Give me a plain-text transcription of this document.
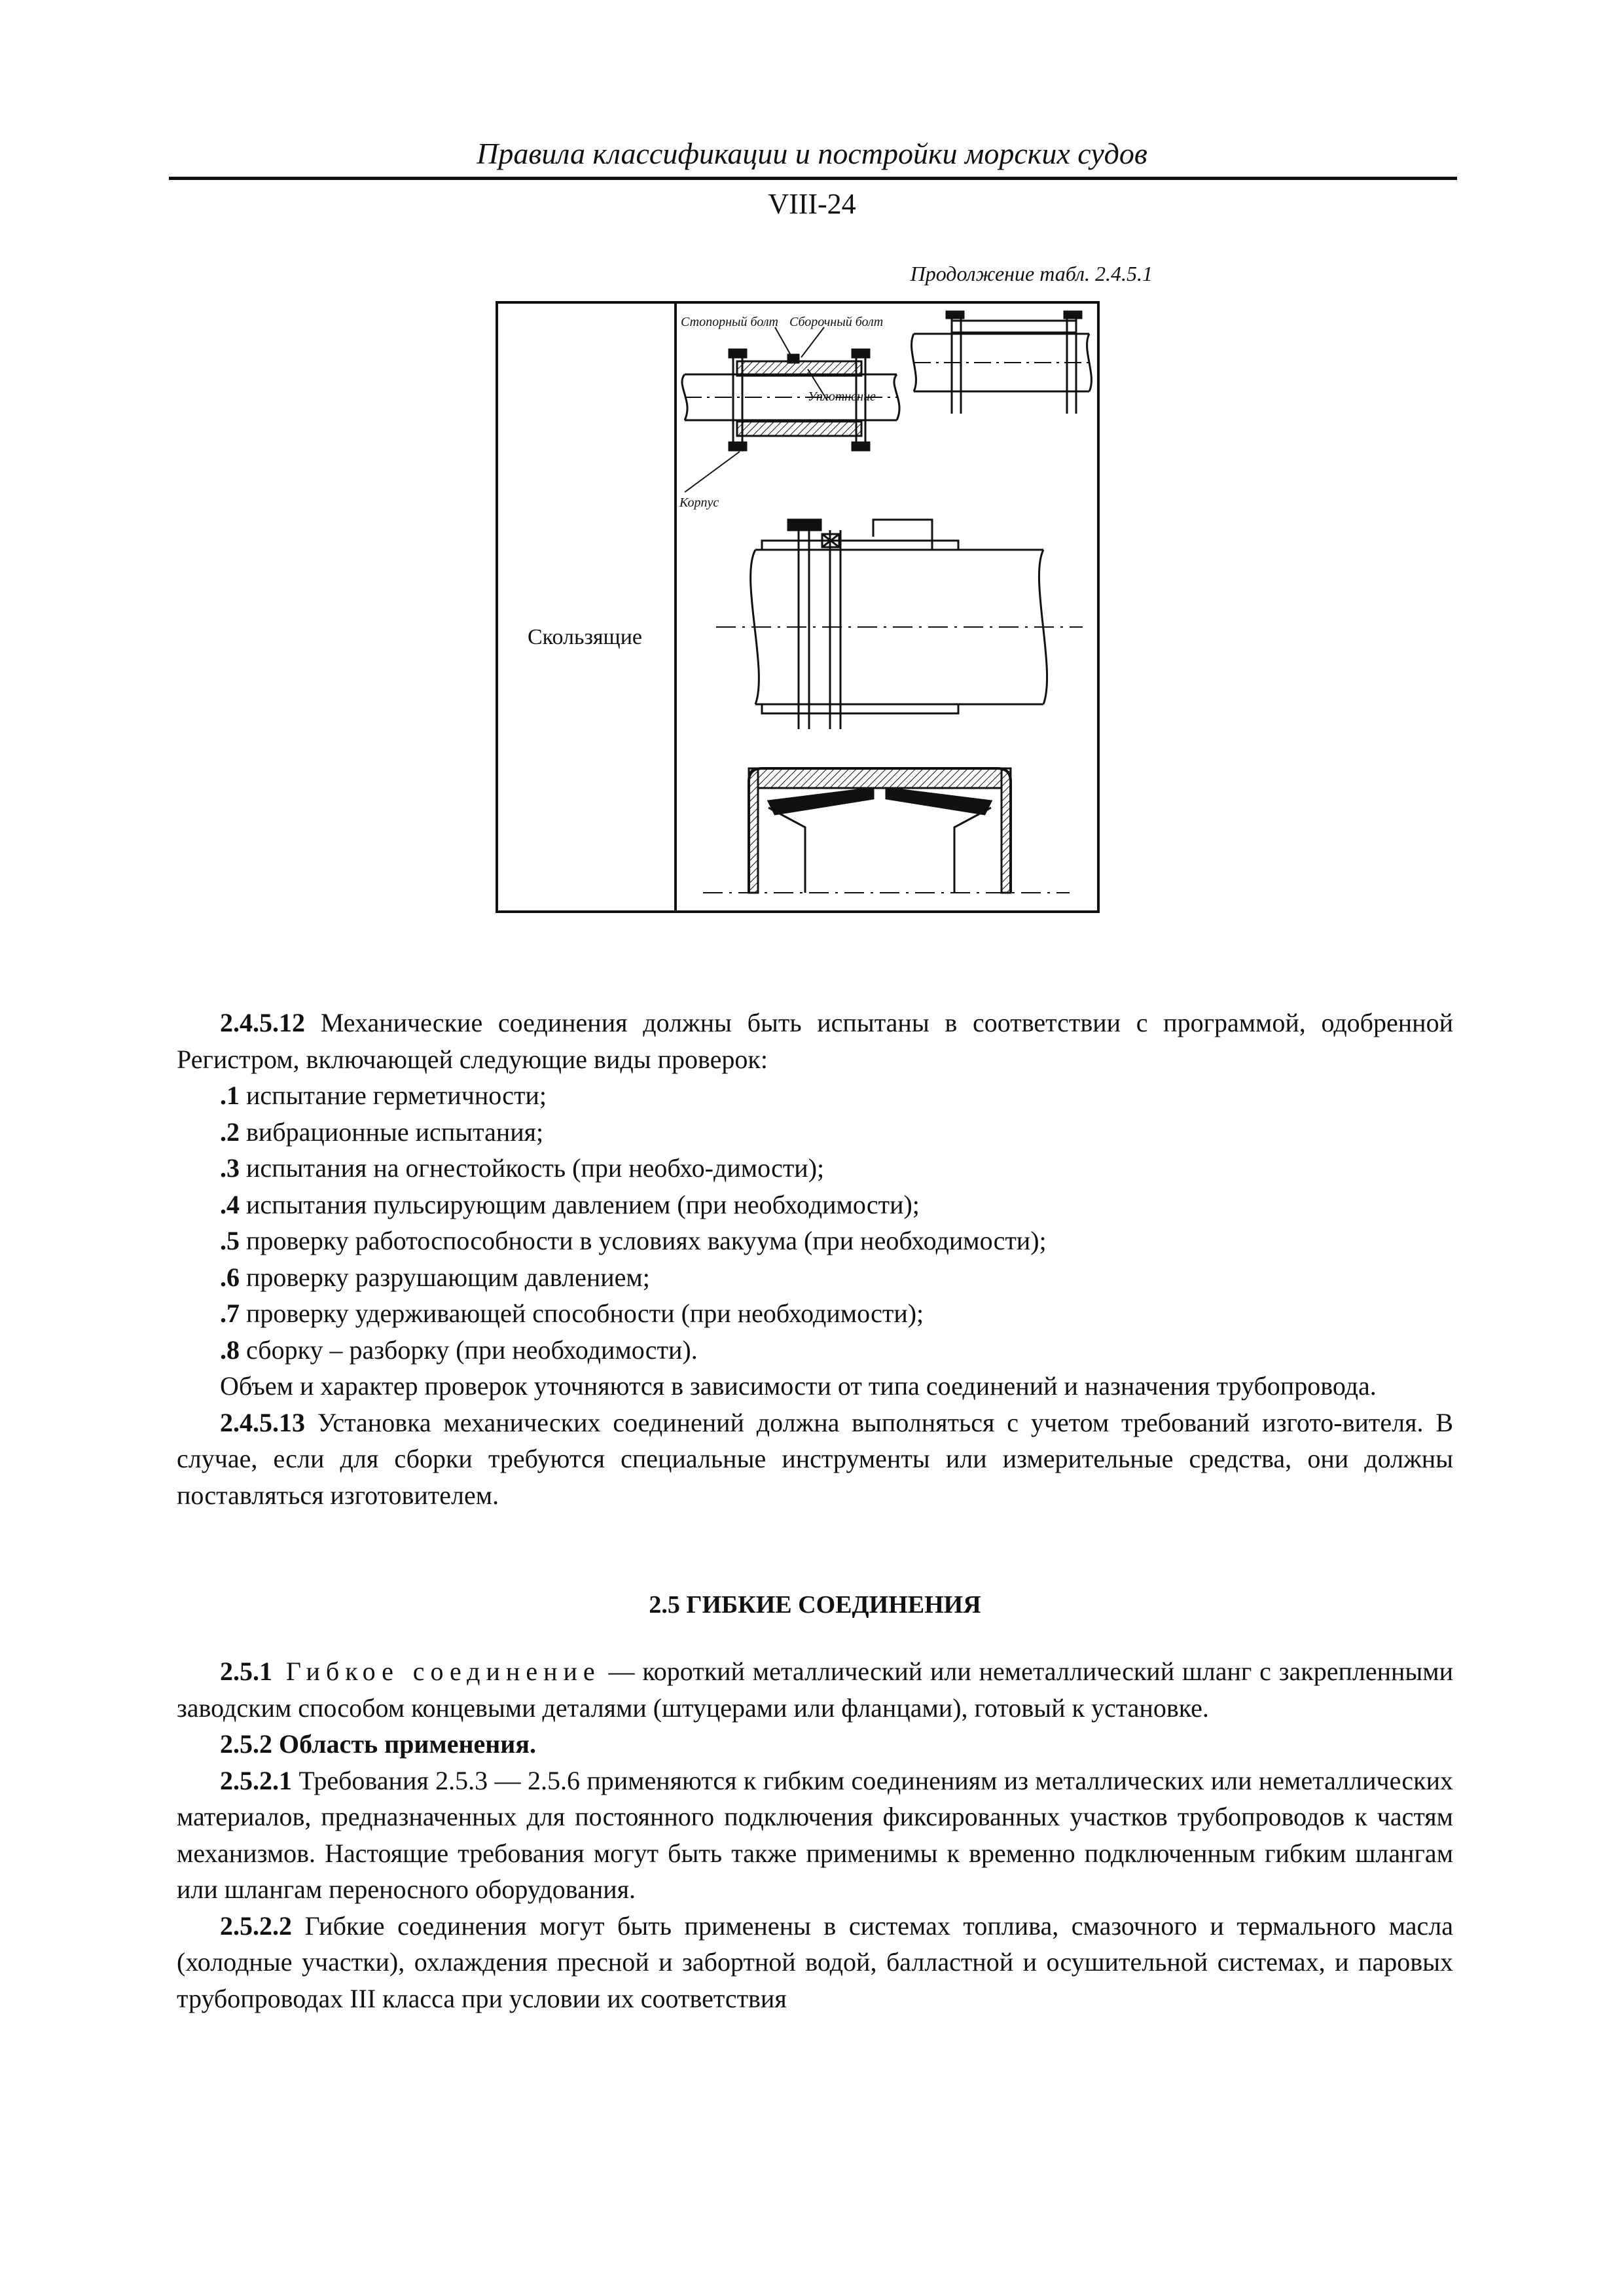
Правила классификации и постройки морских судов
VIII-24
Продолжение табл. 2.4.5.1
Скользящие
Стопорный болт Сборочный болт
Уплотнение
Корпус

2.4.5.12 Механические соединения должны быть испытаны в соответствии с программой, одобренной Регистром, включающей следующие виды проверок:

.1 испытание герметичности;

.2 вибрационные испытания;

.3 испытания на огнестойкость (при необхо-димости);

.4 испытания пульсирующим давлением (при необходимости);

.5 проверку работоспособности в условиях вакуума (при необходимости);

.6 проверку разрушающим давлением;

.7 проверку удерживающей способности (при необходимости);

.8 сборку – разборку (при необходимости).

Объем и характер проверок уточняются в зависимости от типа соединений и назначения трубопровода.

2.4.5.13 Установка механических соединений должна выполняться с учетом требований изгото-вителя. В случае, если для сборки требуются специальные инструменты или измерительные средства, они должны поставляться изготовителем.

2.5 ГИБКИЕ СОЕДИНЕНИЯ

2.5.1 Гибкое соединение — короткий металлический или неметаллический шланг с закрепленными заводским способом концевыми деталями (штуцерами или фланцами), готовый к установке.

2.5.2 Область применения.

2.5.2.1 Требования 2.5.3 — 2.5.6 применяются к гибким соединениям из металлических или неметаллических материалов, предназначенных для постоянного подключения фиксированных участков трубопроводов к частям механизмов. Настоящие требования могут быть также применимы к временно подключенным гибким шлангам или шлангам переносного оборудования.

2.5.2.2 Гибкие соединения могут быть применены в системах топлива, смазочного и термального масла (холодные участки), охлаждения пресной и забортной водой, балластной и осушительной системах, и паровых трубопроводах III класса при условии их соответствия
